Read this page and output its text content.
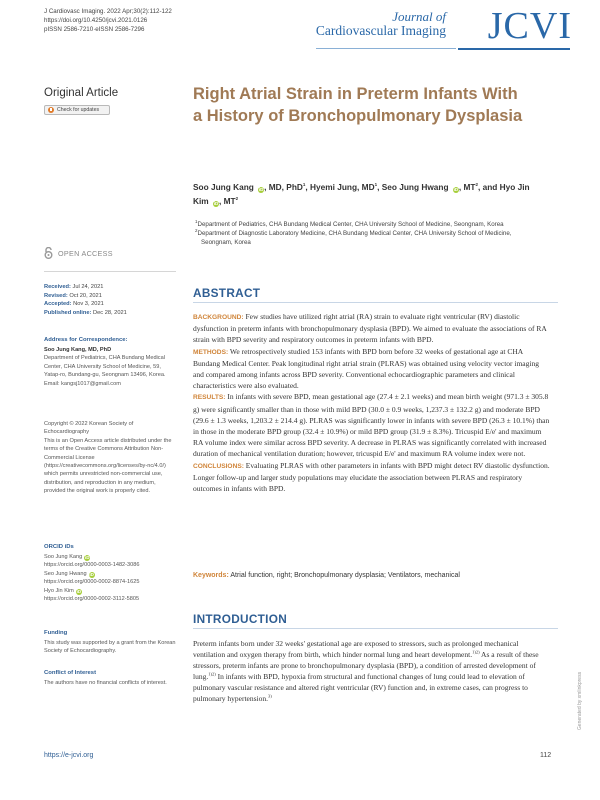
J Cardiovasc Imaging. 2022 Apr;30(2):112-122
https://doi.org/10.4250/jcvi.2021.0126
pISSN 2586-7210·eISSN 2586-7296
Journal of
Cardiovascular Imaging JCVI
Original Article
Check for updates
OPEN ACCESS
Received: Jul 24, 2021
Revised: Oct 20, 2021
Accepted: Nov 3, 2021
Published online: Dec 28, 2021
Address for Correspondence:
Soo Jung Kang, MD, PhD
Department of Pediatrics, CHA Bundang Medical Center, CHA University School of Medicine, 59, Yatap-ro, Bundang-gu, Seongnam 13496, Korea.
Email: kangsj1017@gmail.com
Copyright © 2022 Korean Society of Echocardiography
This is an Open Access article distributed under the terms of the Creative Commons Attribution Non-Commercial License (https://creativecommons.org/licenses/by-nc/4.0/) which permits unrestricted non-commercial use, distribution, and reproduction in any medium, provided the original work is properly cited.
ORCID iDs
Soo Jung Kang iD
https://orcid.org/0000-0003-1482-3086
Seo Jung Hwang iD
https://orcid.org/0000-0002-8874-1625
Hyo Jin Kim iD
https://orcid.org/0000-0002-3112-5805
Funding
This study was supported by a grant from the Korean Society of Echocardiography.
Conflict of Interest
The authors have no financial conflicts of interest.
Right Atrial Strain in Preterm Infants With a History of Bronchopulmonary Dysplasia
Soo Jung Kang iD, MD, PhD$^1$, Hyemi Jung, $MD^1$, Seo Jung Hwang iD, $MT^2$, and Hyo Jin Kim iD, $MT^2$
$^1$Department of Pediatrics, CHA Bundang Medical Center, CHA University School of Medicine, Seongnam, Korea
$^2$Department of Diagnostic Laboratory Medicine, CHA Bundang Medical Center, CHA University School of Medicine, Seongnam, Korea
ABSTRACT

BACKGROUND: Few studies have utilized right atrial (RA) strain to evaluate right ventricular (RV) diastolic dysfunction in preterm infants with bronchopulmonary dysplasia (BPD). We aimed to evaluate the associations of RA strain with BPD severity and respiratory outcomes in preterm infants with BPD.

METHODS: We retrospectively studied 153 infants with BPD born before 32 weeks of gestational age at CHA Bundang Medical Center. Peak longitudinal right atrial strain (PLRAS) was obtained using velocity vector imaging and compared among infants across BPD severity. Conventional echocardiographic parameters and clinical characteristics were also evaluated.

RESULTS: In infants with severe BPD, mean gestational age (27.4 ± 2.1 weeks) and mean birth weight (971.3 ± 305.8 g) were significantly smaller than in those with mild BPD (30.0 ± 0.9 weeks, 1,237.3 ± 132.2 g) and moderate BPD (29.6 ± 1.3 weeks, 1,203.2 ± 214.4 g). PLRAS was significantly lower in infants with severe BPD (26.3 ± 10.1%) than in those in the moderate BPD group (32.4 ± 10.9%) or mild BPD group (31.9 ± 8.3%). Tricuspid E/e' and maximum RA volume index were similar across BPD severity. A decrease in PLRAS was significantly correlated with increased duration of mechanical ventilation duration; however, tricuspid E/e' and maximum RA volume index were not.

CONCLUSIONS: Evaluating PLRAS with other parameters in infants with BPD might detect RV diastolic dysfunction. Longer follow-up and larger study populations may elucidate the association between PLRAS and respiratory outcomes in infants with BPD.

Keywords: Atrial function, right; Bronchopulmonary dysplasia; Ventilators, mechanical
INTRODUCTION

Preterm infants born under 32 weeks' gestational age are exposed to stressors, such as prolonged mechanical ventilation and oxygen therapy from birth, which hinder normal lung and heart development.$^{1)2)}$ As a result of these stressors, preterm infants are prone to bronchopulmonary dysplasia (BPD), a condition of arrested development of lung.$^{1)2)}$ In infants with BPD, hypoxia from structural and functional changes of lung could lead to elevation of pulmonary vascular resistance and altered right ventricular (RV) function and, in extreme cases, can progress to pulmonary hypertension.$^{3)}$

https://e-jcvi.org	112
Generated by xmlinkpress
